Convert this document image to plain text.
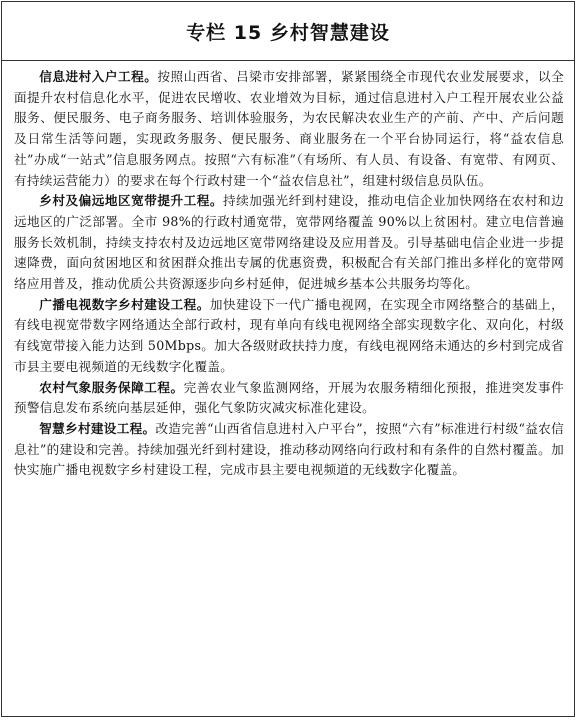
专栏 15 乡村智慧建设

信息进村入户工程。按照山西省、吕梁市安排部署，紧紧围绕全市现代农业发展要求，以全面提升农村信息化水平，促进农民增收、农业增效为目标，通过信息进村入户工程开展农业公益服务、便民服务、电子商务服务、培训体验服务，为农民解决农业生产的产前、产中、产后问题及日常生活等问题，实现政务服务、便民服务、商业服务在一个平台协同运行，将“益农信息社”办成“一站式”信息服务网点。按照“六有标准”（有场所、有人员、有设备、有宽带、有网页、有持续运营能力）的要求在每个行政村建一个“益农信息社”，组建村级信息员队伍。

乡村及偏远地区宽带提升工程。持续加强光纤到村建设，推动电信企业加快网络在农村和边远地区的广泛部署。全市 98%的行政村通宽带，宽带网络覆盖 90%以上贫困村。建立电信普遍服务长效机制，持续支持农村及边远地区宽带网络建设及应用普及。引导基础电信企业进一步提速降费，面向贫困地区和贫困群众推出专属的优惠资费，积极配合有关部门推出多样化的宽带网络应用普及，推动优质公共资源逐步向乡村延伸，促进城乡基本公共服务均等化。

广播电视数字乡村建设工程。加快建设下一代广播电视网，在实现全市网络整合的基础上，有线电视宽带数字网络通达全部行政村，现有单向有线电视网络全部实现数字化、双向化，村级有线宽带接入能力达到 50Mbps。加大各级财政扶持力度，有线电视网络未通达的乡村到完成省市县主要电视频道的无线数字化覆盖。

农村气象服务保障工程。完善农业气象监测网络，开展为农服务精细化预报，推进突发事件预警信息发布系统向基层延伸，强化气象防灾减灾标准化建设。

智慧乡村建设工程。改造完善“山西省信息进村入户平台”，按照“六有”标准进行村级“益农信息社”的建设和完善。持续加强光纤到村建设，推动移动网络向行政村和有条件的自然村覆盖。加快实施广播电视数字乡村建设工程，完成市县主要电视频道的无线数字化覆盖。
